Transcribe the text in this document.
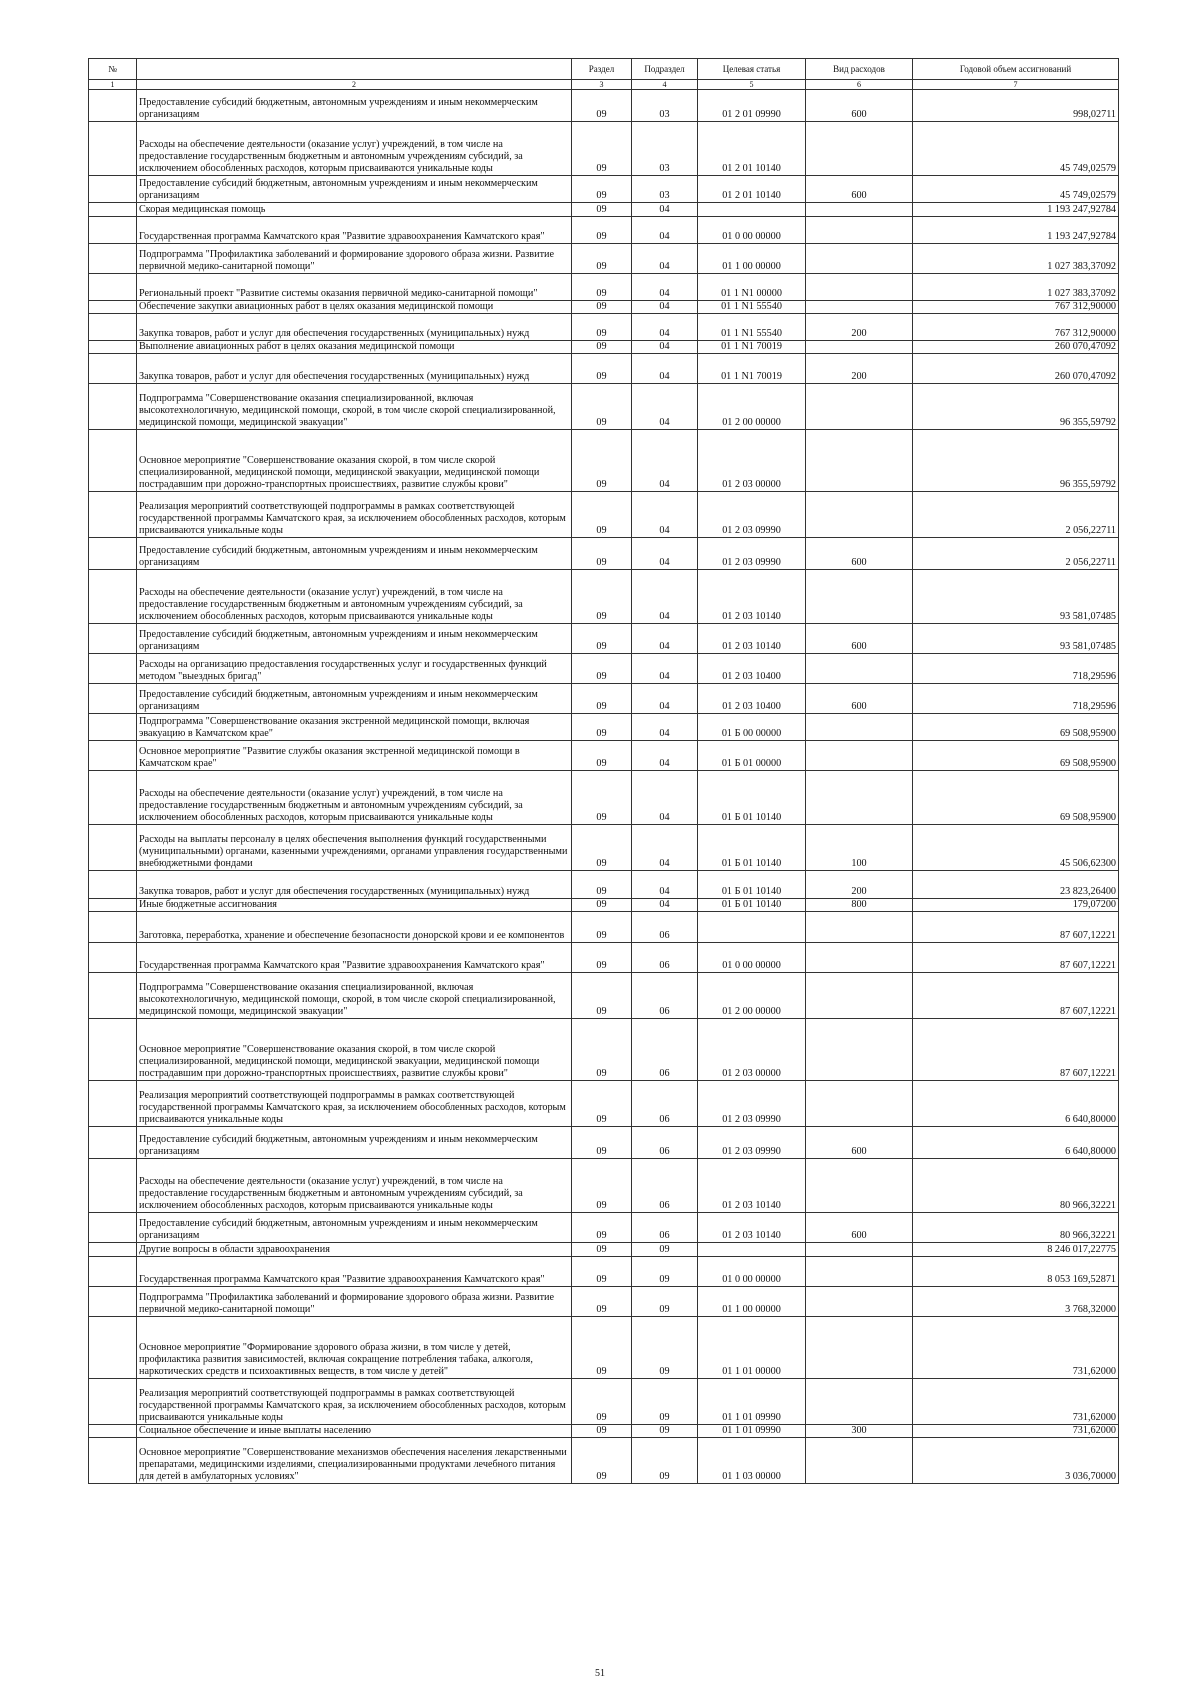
№		Раздел	Подраздел	Целевая статья	Вид расходов	Годовой объем ассигнований
1	2	3	4	5	6	7
	Предоставление субсидий бюджетным, автономным учреждениям и иным некоммерческим организациям	09	03	01 2 01 09990	600	998,02711
	Расходы на обеспечение деятельности (оказание услуг) учреждений, в том числе на предоставление государственным бюджетным и автономным учреждениям субсидий, за исключением обособленных расходов, которым присваиваются уникальные коды	09	03	01 2 01 10140		45 749,02579
	Предоставление субсидий бюджетным, автономным учреждениям и иным некоммерческим организациям	09	03	01 2 01 10140	600	45 749,02579
	Скорая медицинская помощь	09	04			1 193 247,92784
	Государственная программа Камчатского края "Развитие здравоохранения Камчатского края"	09	04	01 0 00 00000		1 193 247,92784
	Подпрограмма "Профилактика заболеваний и формирование здорового образа жизни. Развитие первичной медико-санитарной помощи"	09	04	01 1 00 00000		1 027 383,37092
	Региональный проект "Развитие системы оказания первичной медико-санитарной помощи"	09	04	01 1 N1 00000		1 027 383,37092
	Обеспечение закупки авиационных работ в целях оказания медицинской помощи	09	04	01 1 N1 55540		767 312,90000
	Закупка товаров, работ и услуг для обеспечения государственных (муниципальных) нужд	09	04	01 1 N1 55540	200	767 312,90000
	Выполнение авиационных работ в целях оказания медицинской помощи	09	04	01 1 N1 70019		260 070,47092
	Закупка товаров, работ и услуг для обеспечения государственных (муниципальных) нужд	09	04	01 1 N1 70019	200	260 070,47092
	Подпрограмма "Совершенствование оказания специализированной, включая высокотехнологичную, медицинской помощи, скорой, в том числе скорой специализированной, медицинской помощи, медицинской эвакуации"	09	04	01 2 00 00000		96 355,59792
	Основное мероприятие "Совершенствование оказания скорой, в том числе скорой специализированной, медицинской помощи, медицинской эвакуации, медицинской помощи пострадавшим при дорожно-транспортных происшествиях, развитие службы крови"	09	04	01 2 03 00000		96 355,59792
	Реализация мероприятий соответствующей подпрограммы в рамках соответствующей государственной программы Камчатского края, за исключением обособленных расходов, которым присваиваются уникальные коды	09	04	01 2 03 09990		2 056,22711
	Предоставление субсидий бюджетным, автономным учреждениям и иным некоммерческим организациям	09	04	01 2 03 09990	600	2 056,22711
	Расходы на обеспечение деятельности (оказание услуг) учреждений, в том числе на предоставление государственным бюджетным и автономным учреждениям субсидий, за исключением обособленных расходов, которым присваиваются уникальные коды	09	04	01 2 03 10140		93 581,07485
	Предоставление субсидий бюджетным, автономным учреждениям и иным некоммерческим организациям	09	04	01 2 03 10140	600	93 581,07485
	Расходы на организацию предоставления государственных услуг и государственных функций методом "выездных бригад"	09	04	01 2 03 10400		718,29596
	Предоставление субсидий бюджетным, автономным учреждениям и иным некоммерческим организациям	09	04	01 2 03 10400	600	718,29596
	Подпрограмма "Совершенствование оказания экстренной медицинской помощи, включая эвакуацию в Камчатском крае"	09	04	01 Б 00 00000		69 508,95900
	Основное мероприятие "Развитие службы оказания экстренной медицинской помощи в Камчатском крае"	09	04	01 Б 01 00000		69 508,95900
	Расходы на обеспечение деятельности (оказание услуг) учреждений, в том числе на предоставление государственным бюджетным и автономным учреждениям субсидий, за исключением обособленных расходов, которым присваиваются уникальные коды	09	04	01 Б 01 10140		69 508,95900
	Расходы на выплаты персоналу в целях обеспечения выполнения функций государственными (муниципальными) органами, казенными учреждениями, органами управления государственными внебюджетными фондами	09	04	01 Б 01 10140	100	45 506,62300
	Закупка товаров, работ и услуг для обеспечения государственных (муниципальных) нужд	09	04	01 Б 01 10140	200	23 823,26400
	Иные бюджетные ассигнования	09	04	01 Б 01 10140	800	179,07200
	Заготовка, переработка, хранение и обеспечение безопасности донорской крови и ее компонентов	09	06			87 607,12221
	Государственная программа Камчатского края "Развитие здравоохранения Камчатского края"	09	06	01 0 00 00000		87 607,12221
	Подпрограмма "Совершенствование оказания специализированной, включая высокотехнологичную, медицинской помощи, скорой, в том числе скорой специализированной, медицинской помощи, медицинской эвакуации"	09	06	01 2 00 00000		87 607,12221
	Основное мероприятие "Совершенствование оказания скорой, в том числе скорой специализированной, медицинской помощи, медицинской эвакуации, медицинской помощи пострадавшим при дорожно-транспортных происшествиях, развитие службы крови"	09	06	01 2 03 00000		87 607,12221
	Реализация мероприятий соответствующей подпрограммы в рамках соответствующей государственной программы Камчатского края, за исключением обособленных расходов, которым присваиваются уникальные коды	09	06	01 2 03 09990		6 640,80000
	Предоставление субсидий бюджетным, автономным учреждениям и иным некоммерческим организациям	09	06	01 2 03 09990	600	6 640,80000
	Расходы на обеспечение деятельности (оказание услуг) учреждений, в том числе на предоставление государственным бюджетным и автономным учреждениям субсидий, за исключением обособленных расходов, которым присваиваются уникальные коды	09	06	01 2 03 10140		80 966,32221
	Предоставление субсидий бюджетным, автономным учреждениям и иным некоммерческим организациям	09	06	01 2 03 10140	600	80 966,32221
	Другие вопросы в области здравоохранения	09	09			8 246 017,22775
	Государственная программа Камчатского края "Развитие здравоохранения Камчатского края"	09	09	01 0 00 00000		8 053 169,52871
	Подпрограмма "Профилактика заболеваний и формирование здорового образа жизни. Развитие первичной медико-санитарной помощи"	09	09	01 1 00 00000		3 768,32000
	Основное мероприятие "Формирование здорового образа жизни, в том числе у детей, профилактика развития зависимостей, включая сокращение потребления табака, алкоголя, наркотических средств и психоактивных веществ, в том числе у детей"	09	09	01 1 01 00000		731,62000
	Реализация мероприятий соответствующей подпрограммы в рамках соответствующей государственной программы Камчатского края, за исключением обособленных расходов, которым присваиваются уникальные коды	09	09	01 1 01 09990		731,62000
	Социальное обеспечение и иные выплаты населению	09	09	01 1 01 09990	300	731,62000
	Основное мероприятие "Совершенствование механизмов обеспечения населения лекарственными препаратами, медицинскими изделиями, специализированными продуктами лечебного питания для детей в амбулаторных условиях"	09	09	01 1 03 00000		3 036,70000
51
